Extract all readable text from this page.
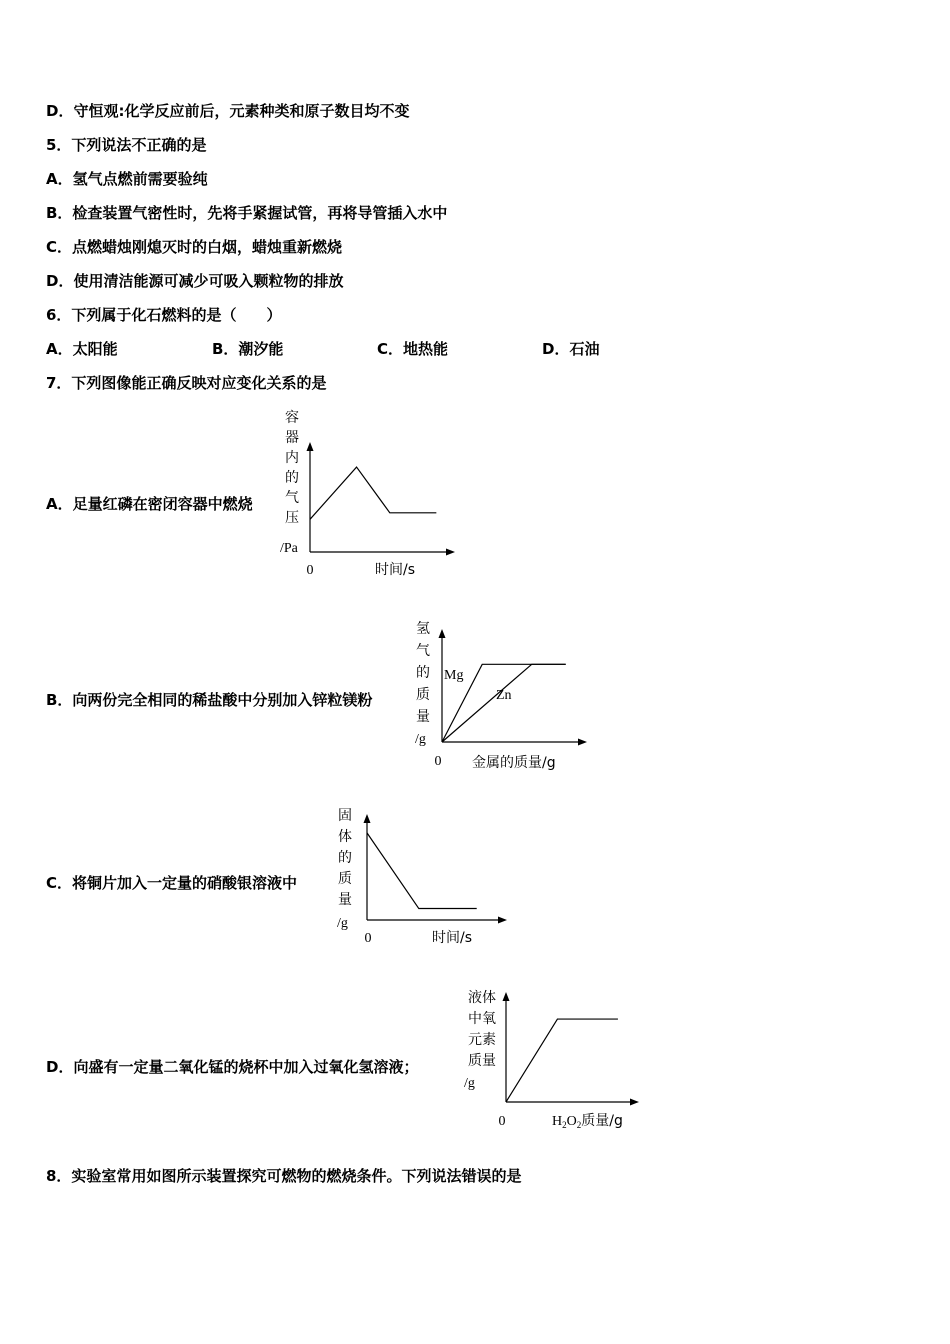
D．守恒观:化学反应前后，元素种类和原子数目均不变
5．下列说法不正确的是
A．氢气点燃前需要验纯
B．检查装置气密性时，先将手紧握试管，再将导管插入水中
C．点燃蜡烛刚熄灭时的白烟，蜡烛重新燃烧
D．使用清洁能源可减少可吸入颗粒物的排放
6．下列属于化石燃料的是（　　）
A．太阳能	B．潮汐能	C．地热能	D．石油
7．下列图像能正确反映对应变化关系的是
A．足量红磷在密闭容器中燃烧
容
器
内
的
气
压
/Pa
0	时间/s
B．向两份完全相同的稀盐酸中分别加入锌粒镁粉
氢
气
的
质
量
/g
0 金属的质量/g
Mg
Zn
C．将铜片加入一定量的硝酸银溶液中
固
体
的
质
量
/g
0	时间/s
D．向盛有一定量二氧化锰的烧杯中加入过氧化氢溶液；
液体
中氧
元素
质量
/g
0	$H_2O_2$质量/g
8．实验室常用如图所示装置探究可燃物的燃烧条件。下列说法错误的是
